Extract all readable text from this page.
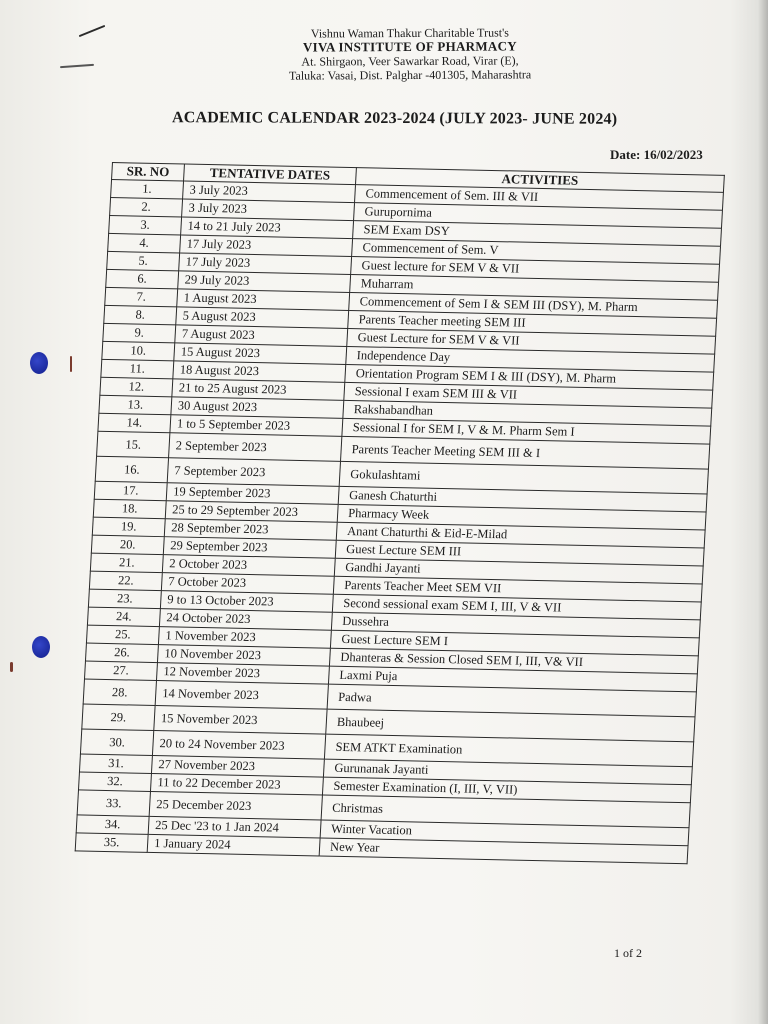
Vishnu Waman Thakur Charitable Trust's
VIVA INSTITUTE OF PHARMACY
At. Shirgaon, Veer Sawarkar Road, Virar (E),
Taluka: Vasai, Dist. Palghar -401305, Maharashtra
ACADEMIC CALENDAR 2023-2024 (JULY 2023- JUNE 2024)
Date: 16/02/2023
SR. NO	TENTATIVE DATES	ACTIVITIES
1.	3 July 2023	Commencement of Sem. III & VII
2.	3 July 2023	Gurupornima
3.	14 to 21 July 2023	SEM Exam DSY
4.	17 July 2023	Commencement of Sem. V
5.	17 July 2023	Guest lecture for SEM V & VII
6.	29 July 2023	Muharram
7.	1 August 2023	Commencement of Sem I & SEM III (DSY), M. Pharm
8.	5 August 2023	Parents Teacher meeting SEM III
9.	7 August 2023	Guest Lecture for SEM V & VII
10.	15 August 2023	Independence Day
11.	18 August 2023	Orientation Program SEM I & III (DSY), M. Pharm
12.	21 to 25 August 2023	Sessional I exam SEM III & VII
13.	30 August 2023	Rakshabandhan
14.	1 to 5 September 2023	Sessional I for SEM I, V & M. Pharm Sem I
15.	2 September 2023	Parents Teacher Meeting SEM III & I
16.	7 September 2023	Gokulashtami
17.	19 September 2023	Ganesh Chaturthi
18.	25 to 29 September 2023	Pharmacy Week
19.	28 September 2023	Anant Chaturthi & Eid-E-Milad
20.	29 September 2023	Guest Lecture SEM III
21.	2 October 2023	Gandhi Jayanti
22.	7 October 2023	Parents Teacher Meet SEM VII
23.	9 to 13 October 2023	Second sessional exam SEM I, III, V & VII
24.	24 October 2023	Dussehra
25.	1 November 2023	Guest Lecture SEM I
26.	10 November 2023	Dhanteras & Session Closed SEM I, III, V& VII
27.	12 November 2023	Laxmi Puja
28.	14 November 2023	Padwa
29.	15 November 2023	Bhaubeej
30.	20 to 24 November 2023	SEM ATKT Examination
31.	27 November 2023	Gurunanak Jayanti
32.	11 to 22 December 2023	Semester Examination (I, III, V, VII)
33.	25 December 2023	Christmas
34.	25 Dec '23 to 1 Jan 2024	Winter Vacation
35.	1 January 2024	New Year
1 of 2
